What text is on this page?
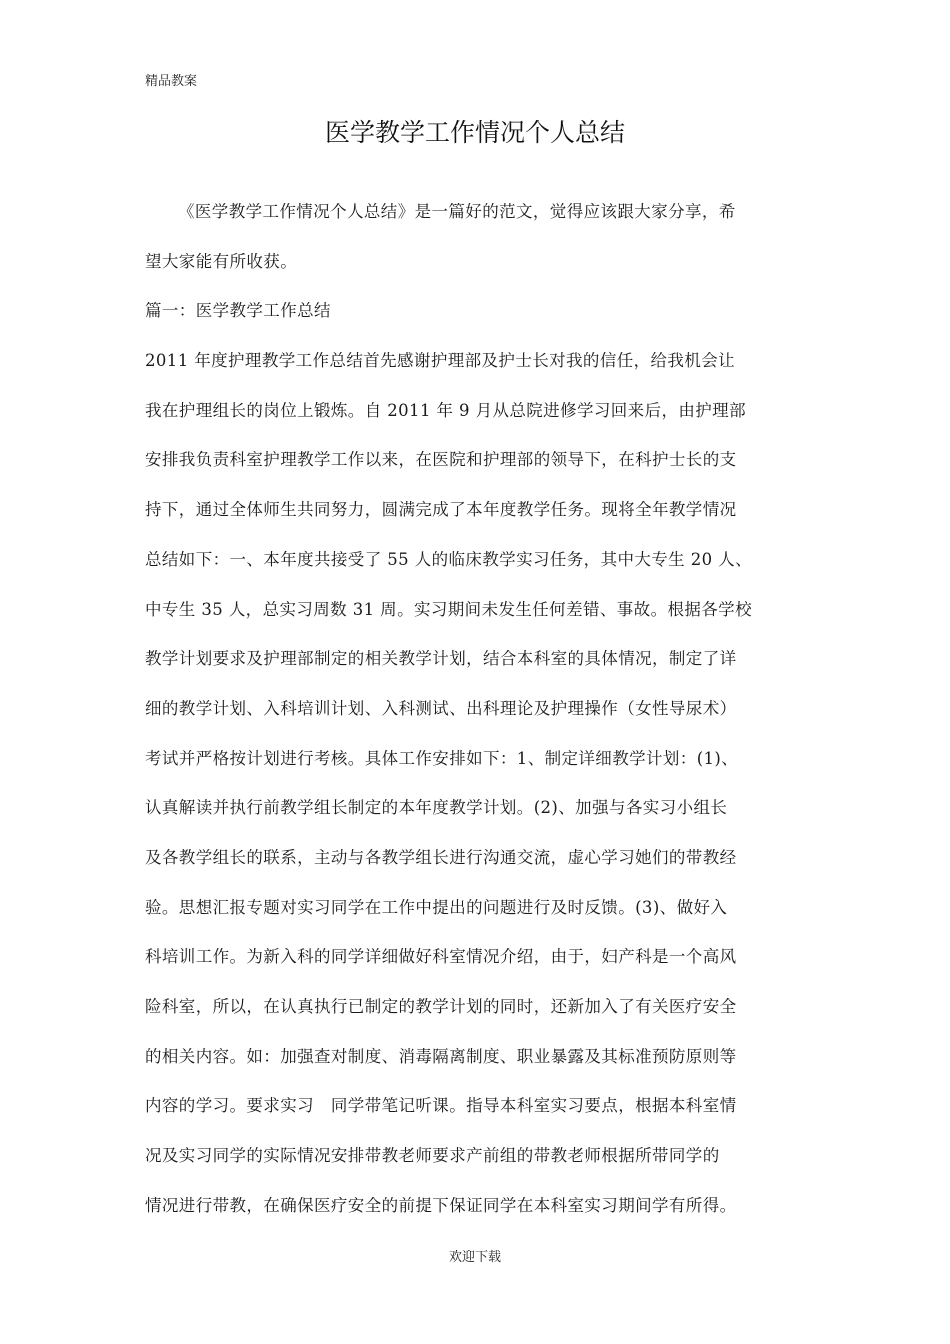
精品教案
医学教学工作情况个人总结
《医学教学工作情况个人总结》是一篇好的范文，觉得应该跟大家分享，希
望大家能有所收获。
篇一：医学教学工作总结
2011 年度护理教学工作总结首先感谢护理部及护士长对我的信任，给我机会让
我在护理组长的岗位上锻炼。自 2011 年 9 月从总院进修学习回来后，由护理部
安排我负责科室护理教学工作以来，在医院和护理部的领导下，在科护士长的支
持下，通过全体师生共同努力，圆满完成了本年度教学任务。现将全年教学情况
总结如下：一、本年度共接受了 55 人的临床教学实习任务，其中大专生 20 人、
中专生 35 人，总实习周数 31 周。实习期间未发生任何差错、事故。根据各学校
教学计划要求及护理部制定的相关教学计划，结合本科室的具体情况，制定了详
细的教学计划、入科培训计划、入科测试、出科理论及护理操作（女性导尿术）
考试并严格按计划进行考核。具体工作安排如下：1、制定详细教学计划：(1)、
认真解读并执行前教学组长制定的本年度教学计划。(2)、加强与各实习小组长
及各教学组长的联系，主动与各教学组长进行沟通交流，虚心学习她们的带教经
验。思想汇报专题对实习同学在工作中提出的问题进行及时反馈。(3)、做好入
科培训工作。为新入科的同学详细做好科室情况介绍，由于，妇产科是一个高风
险科室，所以，在认真执行已制定的教学计划的同时，还新加入了有关医疗安全
的相关内容。如：加强查对制度、消毒隔离制度、职业暴露及其标准预防原则等
内容的学习。要求实习　同学带笔记听课。指导本科室实习要点，根据本科室情
况及实习同学的实际情况安排带教老师要求产前组的带教老师根据所带同学的
情况进行带教，在确保医疗安全的前提下保证同学在本科室实习期间学有所得。
欢迎下载
